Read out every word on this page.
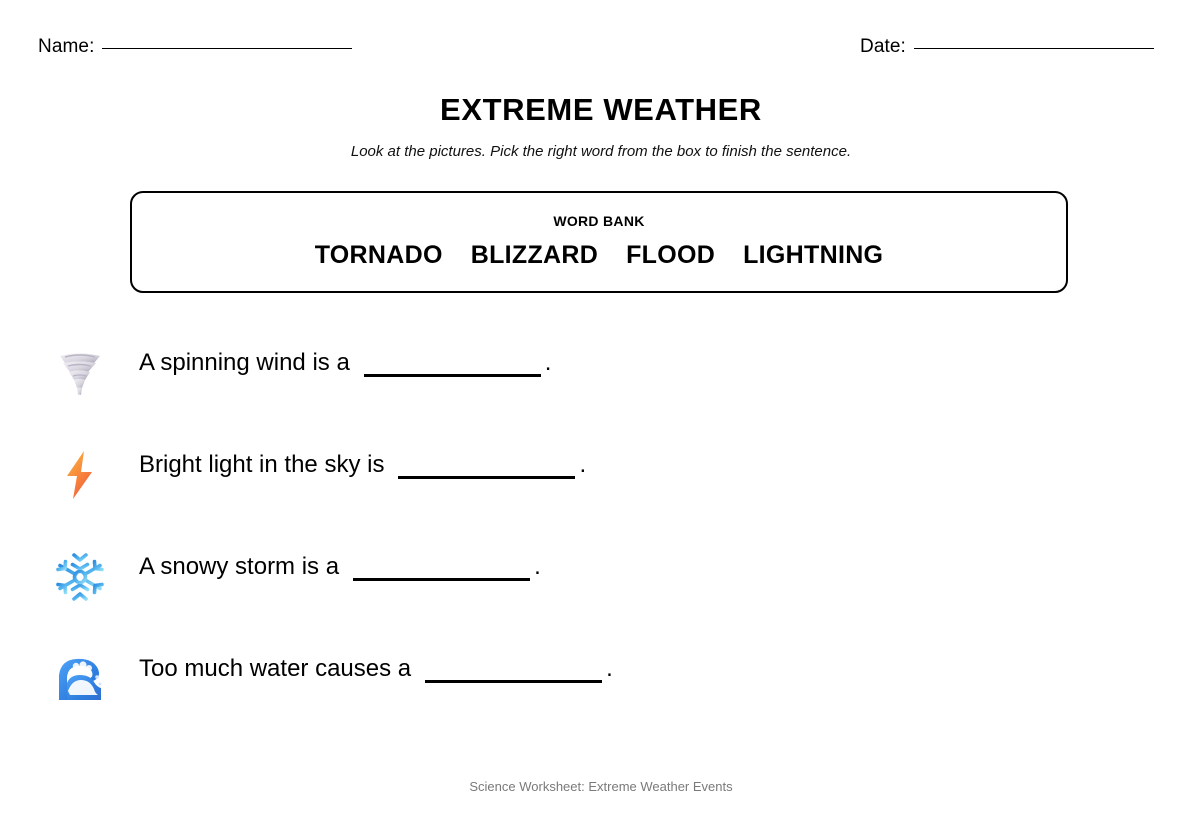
Name:	Date:
EXTREME WEATHER
Look at the pictures. Pick the right word from the box to finish the sentence.
WORD BANK
TORNADO BLIZZARD FLOOD LIGHTNING
A spinning wind is a	.
Bright light in the sky is	.
A snowy storm is a	.
Too much water causes a	.
Science Worksheet: Extreme Weather Events
